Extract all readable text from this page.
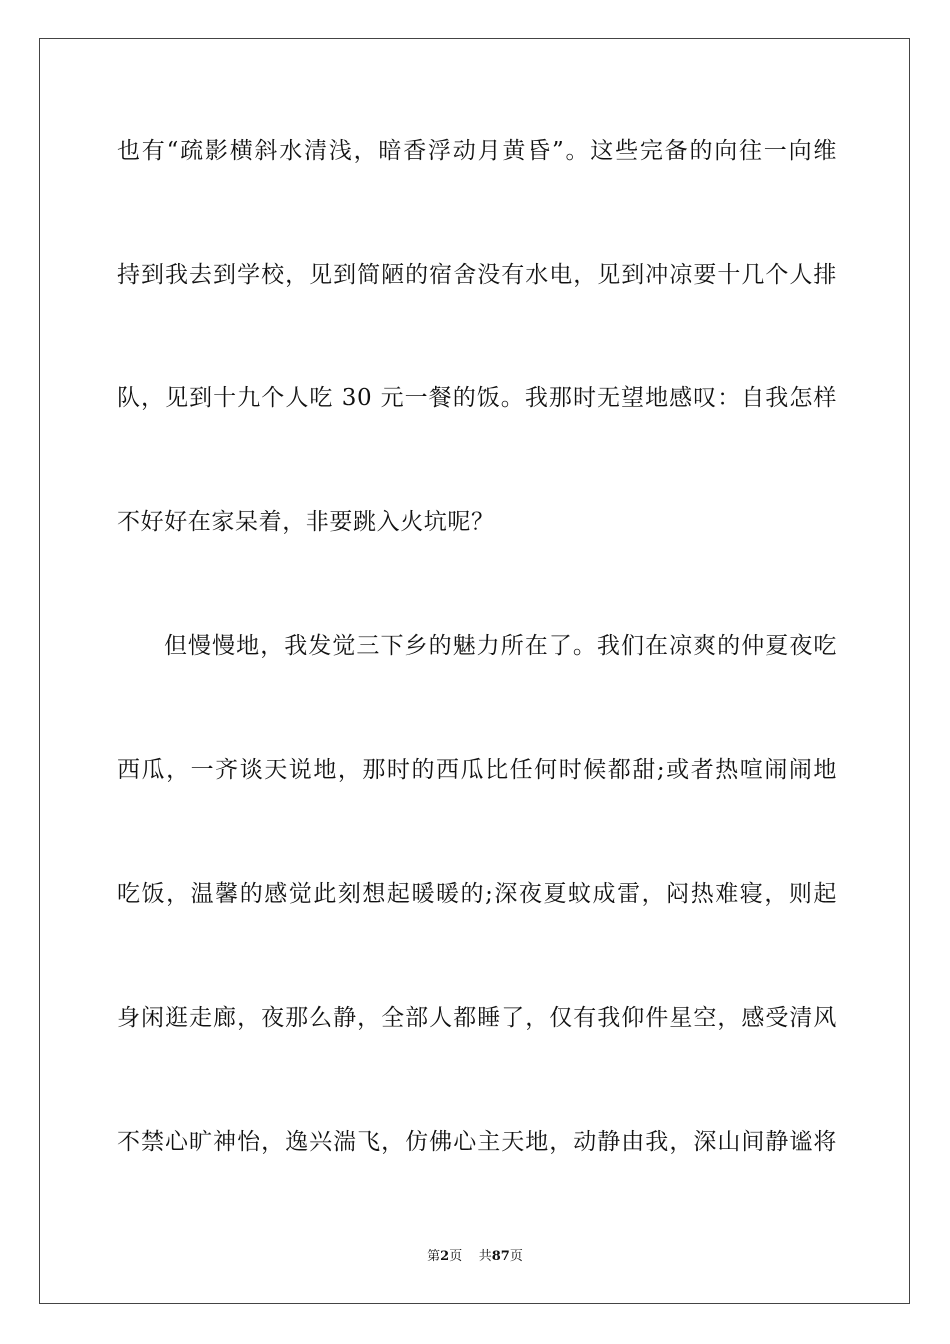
也有“疏影横斜水清浅，暗香浮动月黄昏”。这些完备的向往一向维
持到我去到学校，见到简陋的宿舍没有水电，见到冲凉要十几个人排
队，见到十九个人吃 30 元一餐的饭。我那时无望地感叹：自我怎样
不好好在家呆着，非要跳入火坑呢？
但慢慢地，我发觉三下乡的魅力所在了。我们在凉爽的仲夏夜吃
西瓜，一齐谈天说地，那时的西瓜比任何时候都甜;或者热喧闹闹地
吃饭，温馨的感觉此刻想起暖暖的;深夜夏蚊成雷，闷热难寝，则起
身闲逛走廊，夜那么静，全部人都睡了，仅有我仰件星空，感受清风
不禁心旷神怡，逸兴湍飞，仿佛心主天地，动静由我，深山间静谧将
第2页 共87页
